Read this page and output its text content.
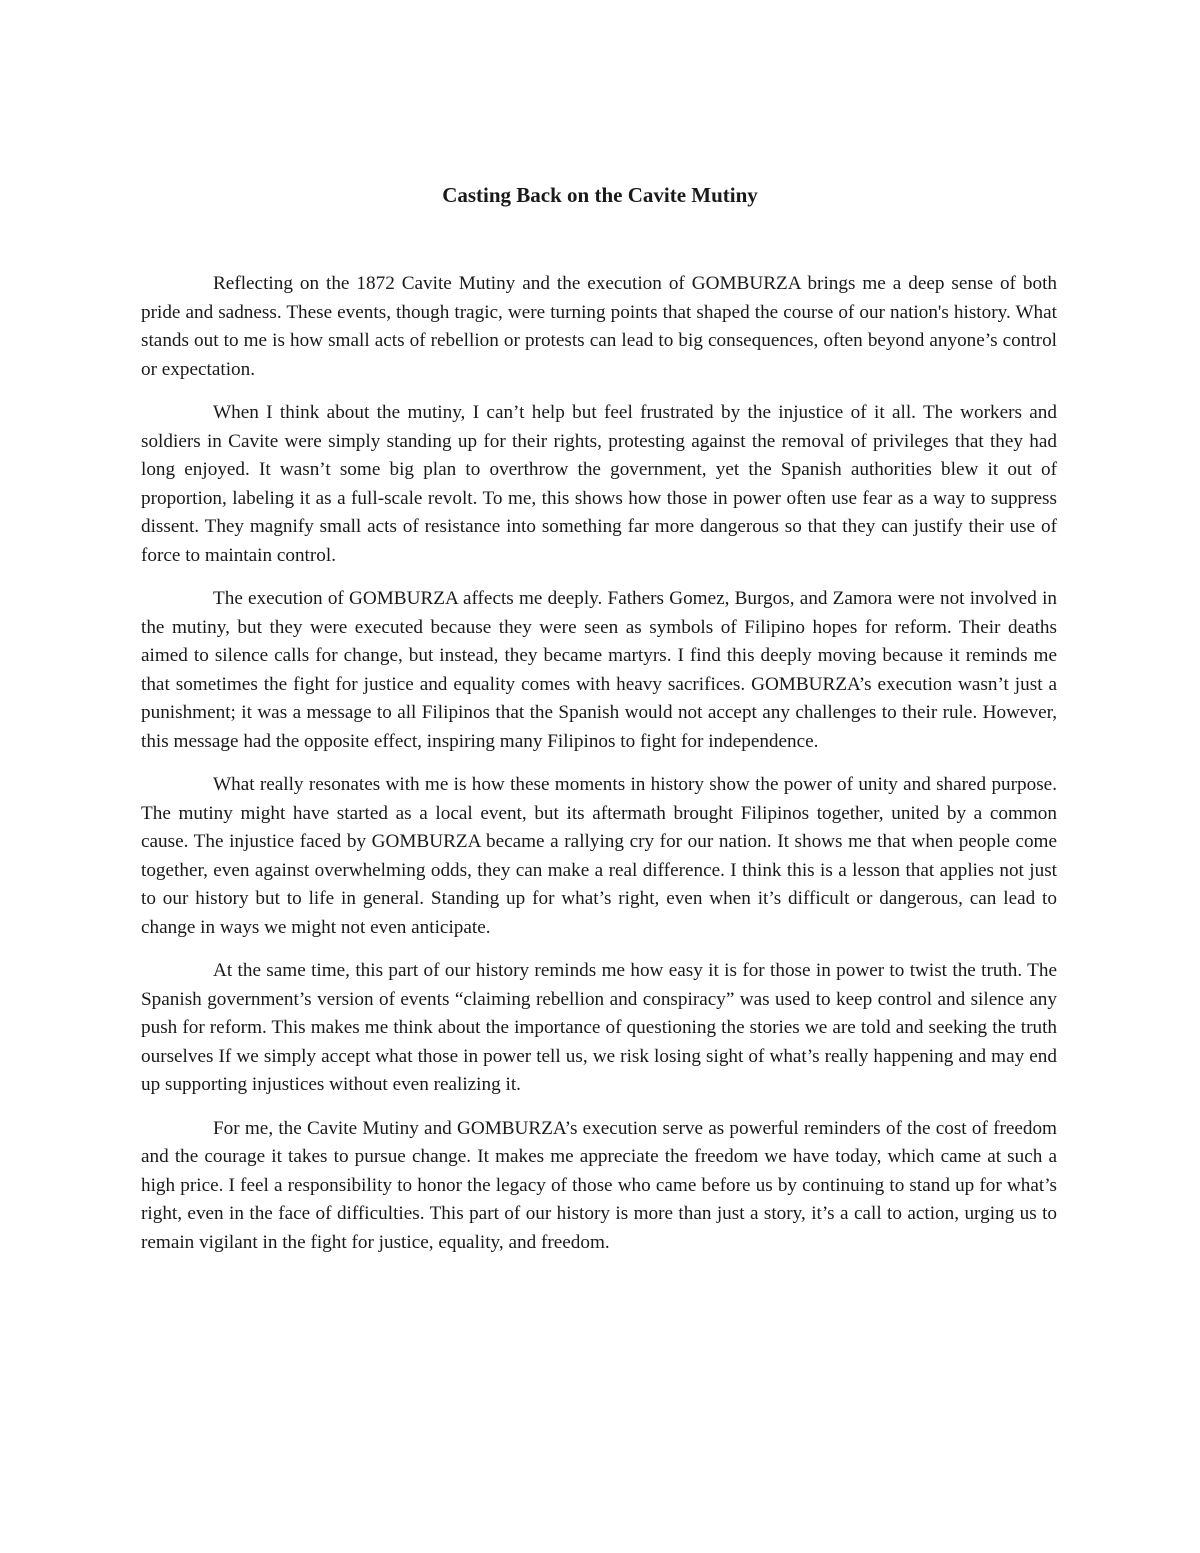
Casting Back on the Cavite Mutiny

Reflecting on the 1872 Cavite Mutiny and the execution of GOMBURZA brings me a deep sense of both pride and sadness. These events, though tragic, were turning points that shaped the course of our nation's history. What stands out to me is how small acts of rebellion or protests can lead to big consequences, often beyond anyone’s control or expectation.

When I think about the mutiny, I can’t help but feel frustrated by the injustice of it all. The workers and soldiers in Cavite were simply standing up for their rights, protesting against the removal of privileges that they had long enjoyed. It wasn’t some big plan to overthrow the government, yet the Spanish authorities blew it out of proportion, labeling it as a full-scale revolt. To me, this shows how those in power often use fear as a way to suppress dissent. They magnify small acts of resistance into something far more dangerous so that they can justify their use of force to maintain control.

The execution of GOMBURZA affects me deeply. Fathers Gomez, Burgos, and Zamora were not involved in the mutiny, but they were executed because they were seen as symbols of Filipino hopes for reform. Their deaths aimed to silence calls for change, but instead, they became martyrs. I find this deeply moving because it reminds me that sometimes the fight for justice and equality comes with heavy sacrifices. GOMBURZA’s execution wasn’t just a punishment; it was a message to all Filipinos that the Spanish would not accept any challenges to their rule. However, this message had the opposite effect, inspiring many Filipinos to fight for independence.

What really resonates with me is how these moments in history show the power of unity and shared purpose. The mutiny might have started as a local event, but its aftermath brought Filipinos together, united by a common cause. The injustice faced by GOMBURZA became a rallying cry for our nation. It shows me that when people come together, even against overwhelming odds, they can make a real difference. I think this is a lesson that applies not just to our history but to life in general. Standing up for what’s right, even when it’s difficult or dangerous, can lead to change in ways we might not even anticipate.

At the same time, this part of our history reminds me how easy it is for those in power to twist the truth. The Spanish government’s version of events “claiming rebellion and conspiracy” was used to keep control and silence any push for reform. This makes me think about the importance of questioning the stories we are told and seeking the truth ourselves If we simply accept what those in power tell us, we risk losing sight of what’s really happening and may end up supporting injustices without even realizing it.

For me, the Cavite Mutiny and GOMBURZA’s execution serve as powerful reminders of the cost of freedom and the courage it takes to pursue change. It makes me appreciate the freedom we have today, which came at such a high price. I feel a responsibility to honor the legacy of those who came before us by continuing to stand up for what’s right, even in the face of difficulties. This part of our history is more than just a story, it’s a call to action, urging us to remain vigilant in the fight for justice, equality, and freedom.
